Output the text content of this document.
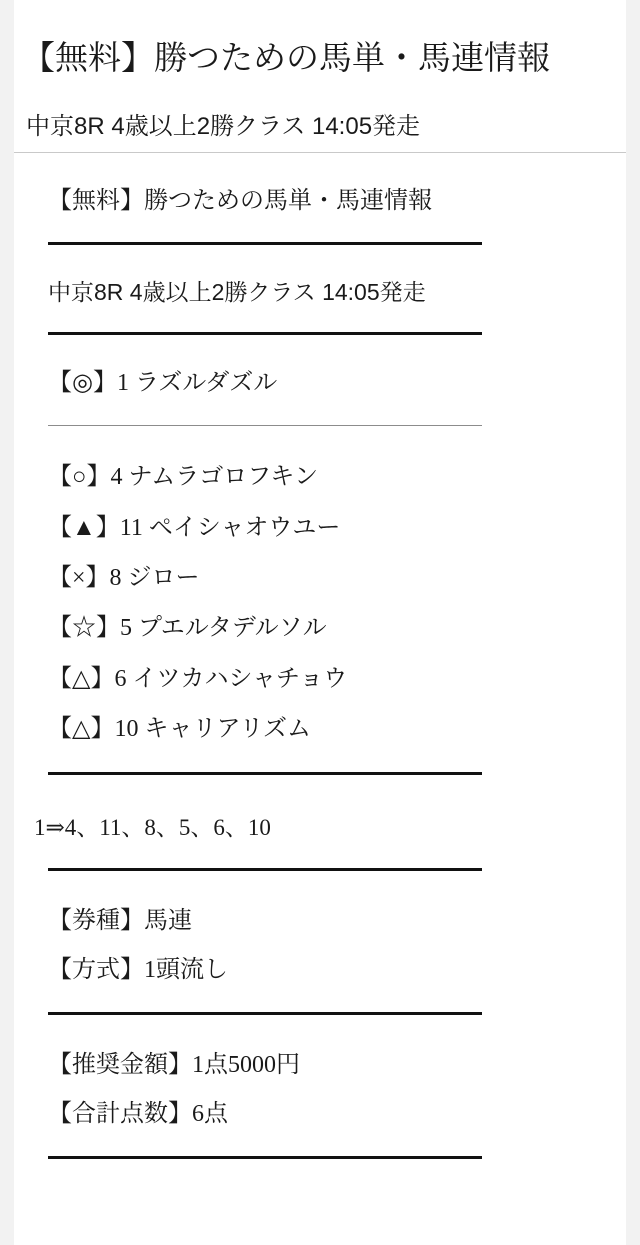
【無料】勝つための馬単・馬連情報
中京8R 4歳以上2勝クラス 14:05発走
【無料】勝つための馬単・馬連情報
中京8R 4歳以上2勝クラス 14:05発走
【◎】1 ラズルダズル
【○】4 ナムラゴロフキン
【▲】11 ペイシャオウユー
【×】8 ジロー
【☆】5 プエルタデルソル
【△】6 イツカハシャチョウ
【△】10 キャリアリズム
1⇒4、11、8、5、6、10
【券種】馬連
【方式】1頭流し
【推奨金額】1点5000円
【合計点数】6点
